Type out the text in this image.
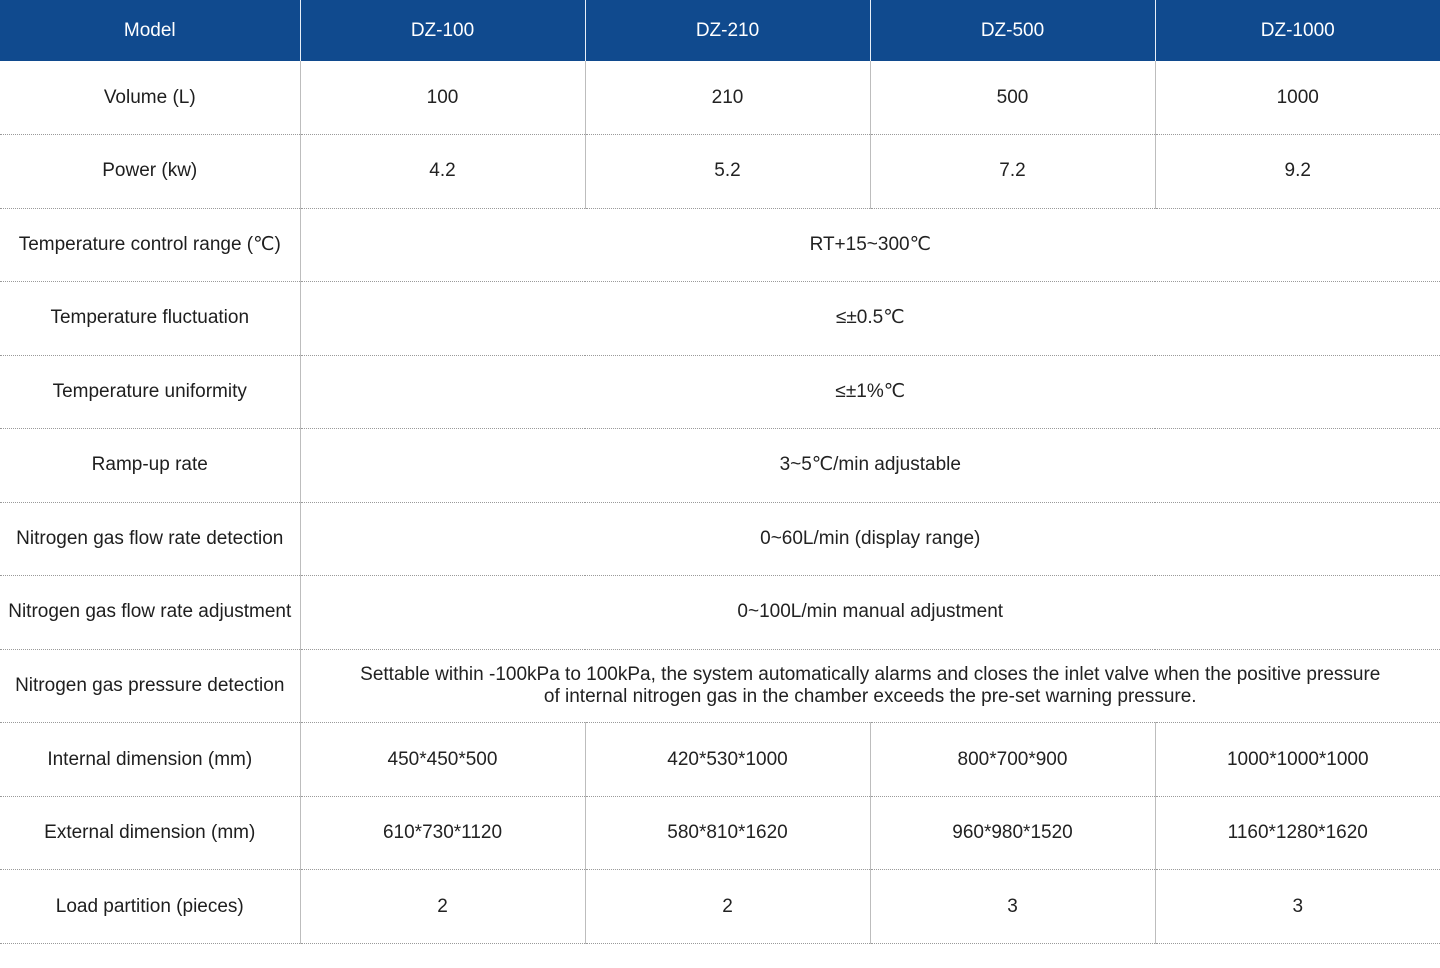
Model	DZ-100	DZ-210	DZ-500	DZ-1000
Volume (L)	100	210	500	1000
Power (kw)	4.2	5.2	7.2	9.2
Temperature control range (℃)	RT+15~300℃			
Temperature fluctuation	≤±0.5℃			
Temperature uniformity	≤±1%℃			
Ramp-up rate	3~5℃/min adjustable			
Nitrogen gas flow rate detection	0~60L/min (display range)			
Nitrogen gas flow rate adjustment	0~100L/min manual adjustment			
Nitrogen gas pressure detection	Settable within -100kPa to 100kPa, the system automatically alarms and closes the inlet valve when the positive pressure
of internal nitrogen gas in the chamber exceeds the pre-set warning pressure.			

Internal dimension (mm)	450*450*500	420*530*1000	800*700*900	1000*1000*1000
External dimension (mm)	610*730*1120	580*810*1620	960*980*1520	1160*1280*1620
Load partition (pieces)	2	2	3	3
